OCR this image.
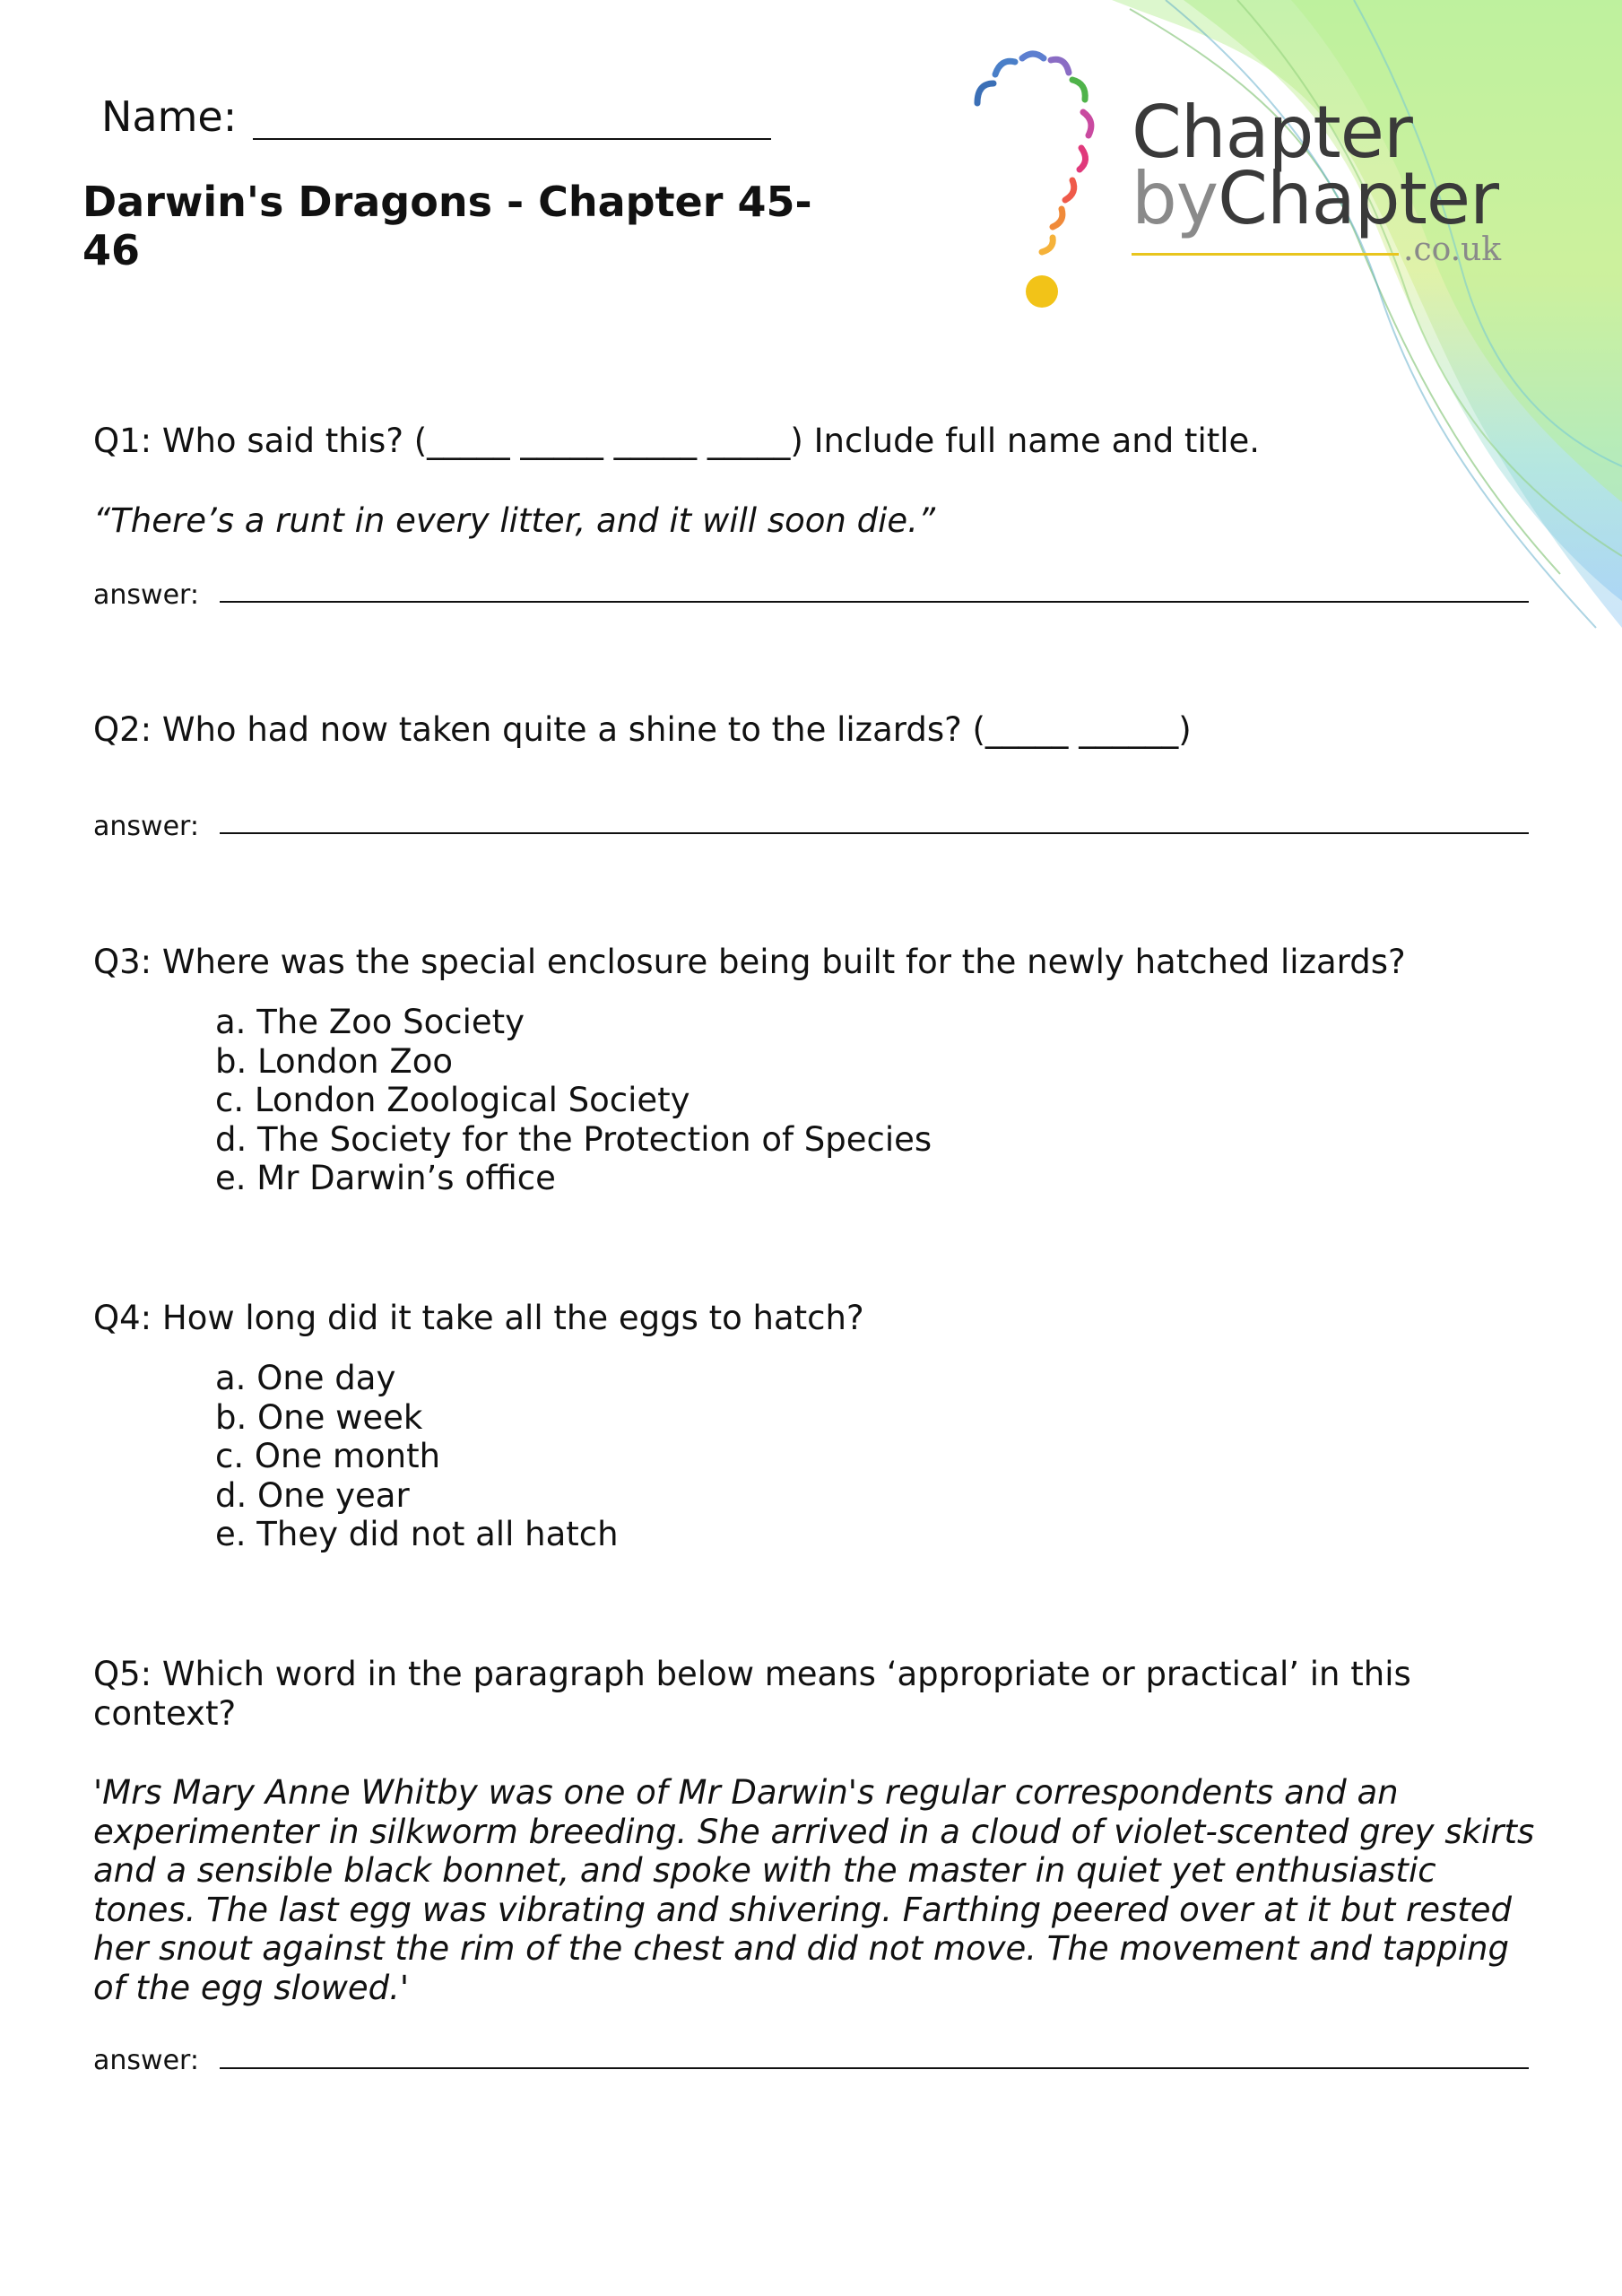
Chapter
byChapter
.co.uk
Name:
Darwin's Dragons - Chapter 45-46
Q1: Who said this? (_____ _____ _____ _____) Include full name and title.
“There’s a runt in every litter, and it will soon die.”
answer:
Q2: Who had now taken quite a shine to the lizards? (_____ ______)
answer:
Q3: Where was the special enclosure being built for the newly hatched lizards?
a. The Zoo Society
b. London Zoo
c. London Zoological Society
d. The Society for the Protection of Species
e. Mr Darwin’s office
Q4: How long did it take all the eggs to hatch?
a. One day
b. One week
c. One month
d. One year
e. They did not all hatch
Q5: Which word in the paragraph below means ‘appropriate or practical’ in this context?
'Mrs Mary Anne Whitby was one of Mr Darwin's regular correspondents and an experimenter in silkworm breeding. She arrived in a cloud of violet-scented grey skirts and a sensible black bonnet, and spoke with the master in quiet yet enthusiastic tones. The last egg was vibrating and shivering. Farthing peered over at it but rested her snout against the rim of the chest and did not move. The movement and tapping of the egg slowed.'
answer:
